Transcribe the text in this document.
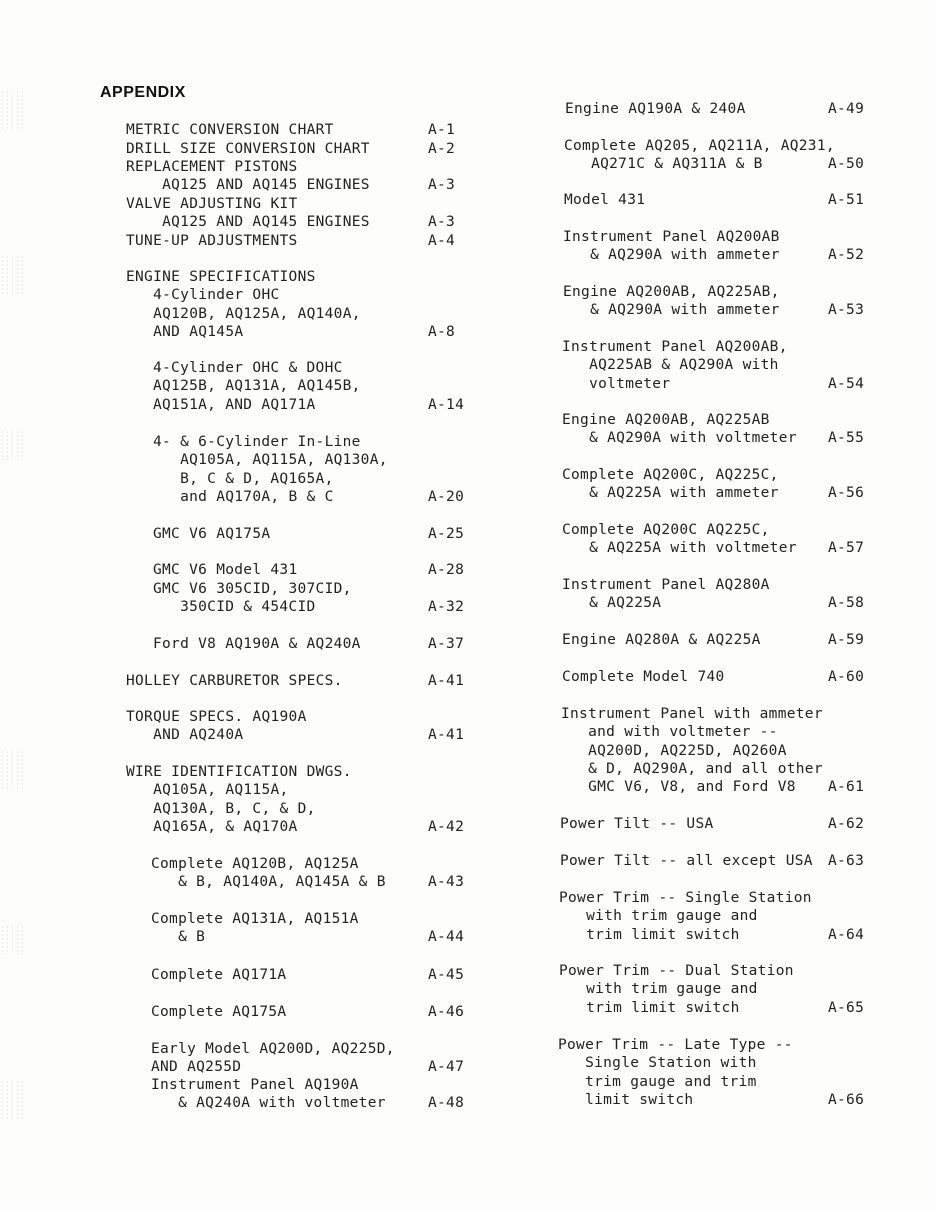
APPENDIX
METRIC CONVERSION CHART	A-1
DRILL SIZE CONVERSION CHART	A-2
REPLACEMENT PISTONS
AQ125 AND AQ145 ENGINES	A-3
VALVE ADJUSTING KIT
AQ125 AND AQ145 ENGINES	A-3
TUNE-UP ADJUSTMENTS	A-4
ENGINE SPECIFICATIONS
4-Cylinder OHC
AQ120B, AQ125A, AQ140A,
AND AQ145A	A-8
4-Cylinder OHC & DOHC
AQ125B, AQ131A, AQ145B,
AQ151A, AND AQ171A	A-14
4- & 6-Cylinder In-Line
AQ105A, AQ115A, AQ130A,
B, C & D, AQ165A,
and AQ170A, B & C	A-20
GMC V6 AQ175A	A-25
GMC V6 Model 431	A-28
GMC V6 305CID, 307CID,
350CID & 454CID	A-32
Ford V8 AQ190A & AQ240A	A-37
HOLLEY CARBURETOR SPECS.	A-41
TORQUE SPECS. AQ190A
AND AQ240A	A-41
WIRE IDENTIFICATION DWGS.
AQ105A, AQ115A,
AQ130A, B, C, & D,
AQ165A, & AQ170A	A-42
Complete AQ120B, AQ125A
& B, AQ140A, AQ145A & B	A-43
Complete AQ131A, AQ151A
& B	A-44
Complete AQ171A	A-45
Complete AQ175A	A-46
Early Model AQ200D, AQ225D,
AND AQ255D	A-47
Instrument Panel AQ190A
& AQ240A with voltmeter	A-48
Engine AQ190A & 240A	A-49
Complete AQ205, AQ211A, AQ231,
AQ271C & AQ311A & B	A-50
Model 431	A-51
Instrument Panel AQ200AB
& AQ290A with ammeter	A-52
Engine AQ200AB, AQ225AB,
& AQ290A with ammeter	A-53
Instrument Panel AQ200AB,
AQ225AB & AQ290A with
voltmeter	A-54
Engine AQ200AB, AQ225AB
& AQ290A with voltmeter	A-55
Complete AQ200C, AQ225C,
& AQ225A with ammeter	A-56
Complete AQ200C AQ225C,
& AQ225A with voltmeter	A-57
Instrument Panel AQ280A
& AQ225A	A-58
Engine AQ280A & AQ225A	A-59
Complete Model 740	A-60
Instrument Panel with ammeter
and with voltmeter --
AQ200D, AQ225D, AQ260A
& D, AQ290A, and all other
GMC V6, V8, and Ford V8	A-61
Power Tilt -- USA	A-62
Power Tilt -- all except USA	A-63
Power Trim -- Single Station
with trim gauge and
trim limit switch	A-64
Power Trim -- Dual Station
with trim gauge and
trim limit switch	A-65
Power Trim -- Late Type --
Single Station with
trim gauge and trim
limit switch	A-66
